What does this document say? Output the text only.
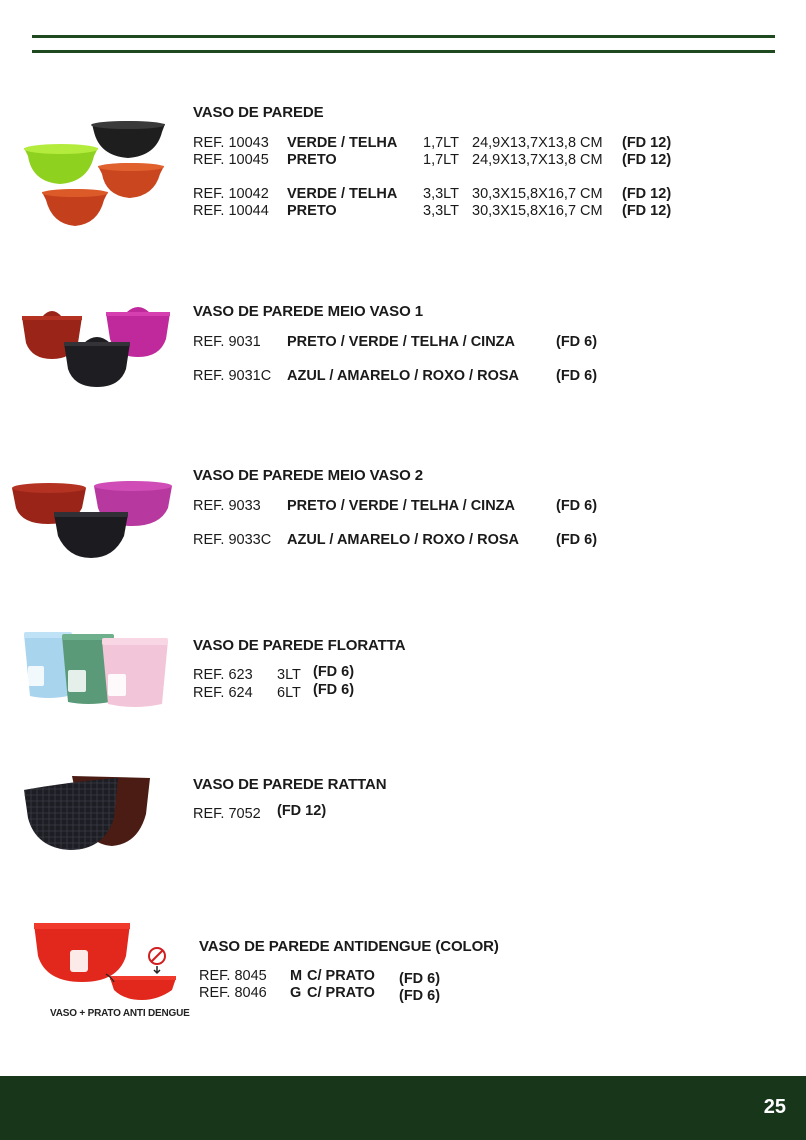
VASO DE PAREDE
REF. 10043 VERDE / TELHA 1,7LT 24,9X13,7X13,8 CM (FD 12)
REF. 10045 PRETO	1,7LT 24,9X13,7X13,8 CM (FD 12)
REF. 10042 VERDE / TELHA 3,3LT 30,3X15,8X16,7 CM (FD 12)
REF. 10044 PRETO	3,3LT 30,3X15,8X16,7 CM (FD 12)
VASO DE PAREDE MEIO VASO 1
REF. 9031 PRETO / VERDE / TELHA / CINZA	(FD 6)
REF. 9031C AZUL / AMARELO / ROXO / ROSA	(FD 6)
VASO DE PAREDE MEIO VASO 2
REF. 9033 PRETO / VERDE / TELHA / CINZA	(FD 6)
REF. 9033C AZUL / AMARELO / ROXO / ROSA	(FD 6)
VASO DE PAREDE FLORATTA
REF. 623 3LT (FD 6)
REF. 624 6LT (FD 6)
VASO DE PAREDE RATTAN
REF. 7052 (FD 12)
VASO + PRATO ANTI DENGUE
VASO DE PAREDE ANTIDENGUE (COLOR)
REF. 8045 M C/ PRATO (FD 6)
REF. 8046 G C/ PRATO (FD 6)
25
